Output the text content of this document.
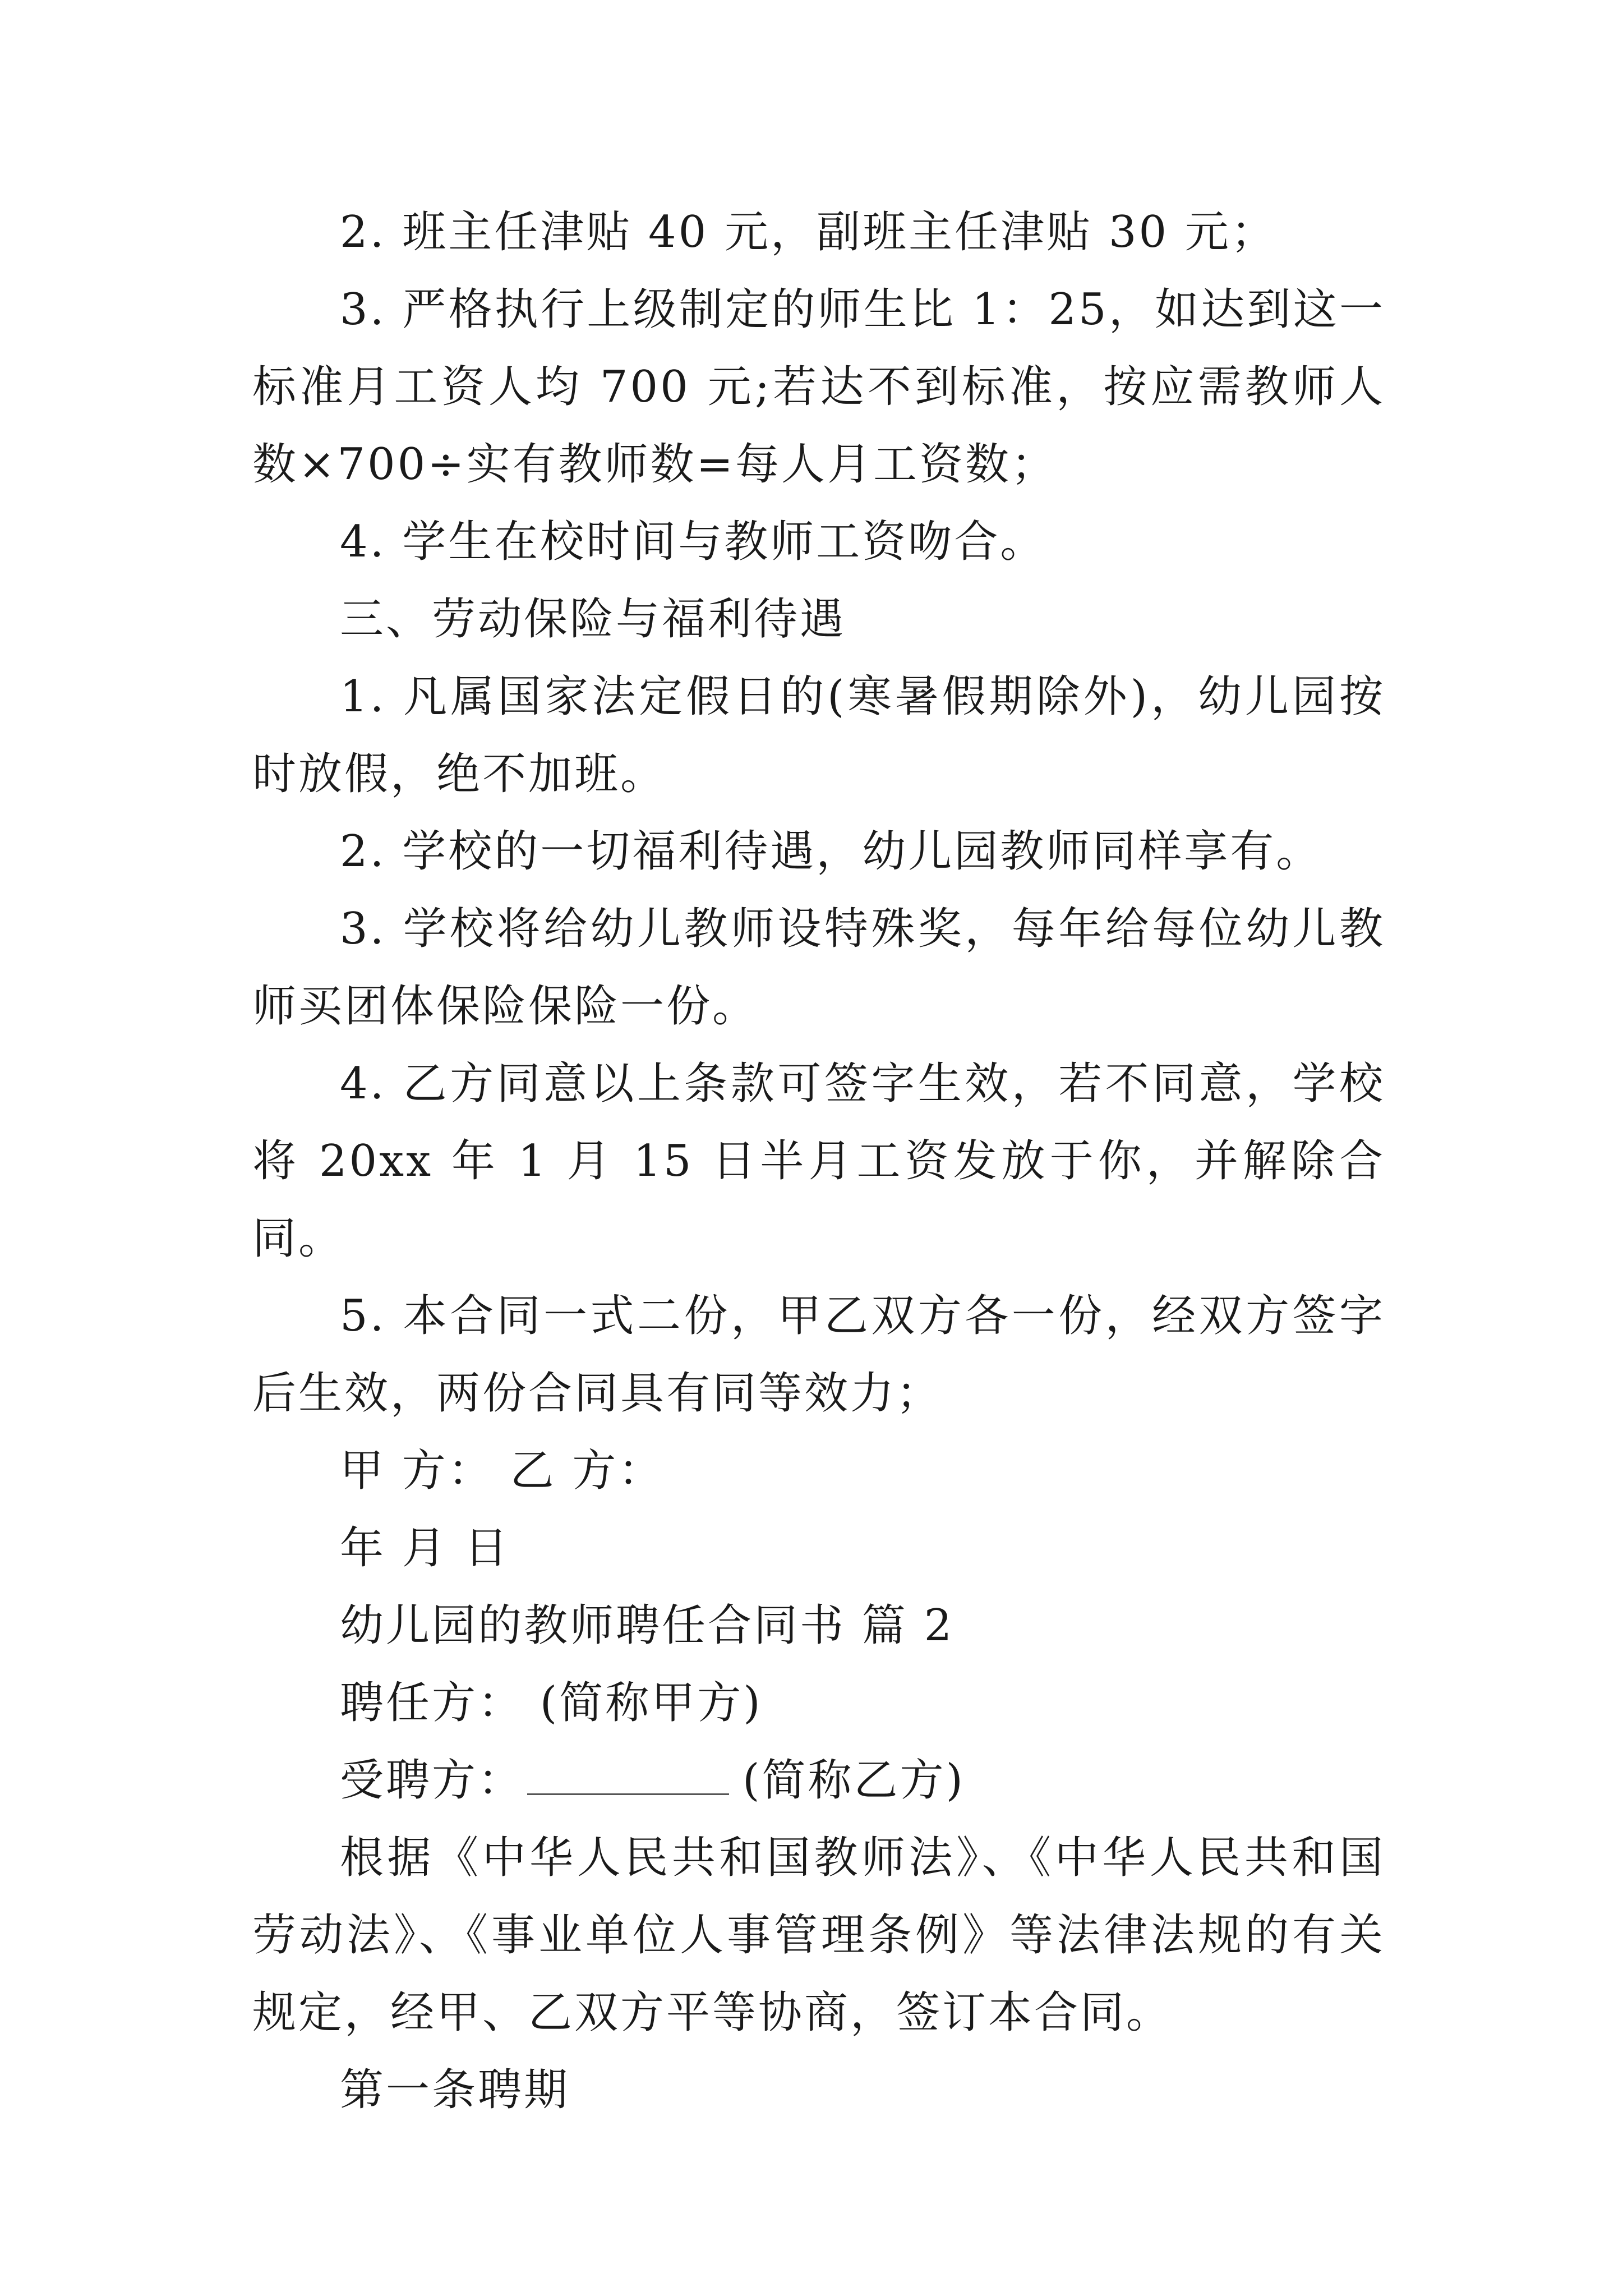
2. 班主任津贴 40 元，副班主任津贴 30 元；

3. 严格执行上级制定的师生比 1：25，如达到这一标准月工资人均 700 元;若达不到标准，按应需教师人数×700÷实有教师数=每人月工资数；

4. 学生在校时间与教师工资吻合。

三、劳动保险与福利待遇

1. 凡属国家法定假日的(寒暑假期除外)，幼儿园按时放假，绝不加班。

2. 学校的一切福利待遇，幼儿园教师同样享有。

3. 学校将给幼儿教师设特殊奖，每年给每位幼儿教师买团体保险保险一份。

4. 乙方同意以上条款可签字生效，若不同意，学校将 20xx 年 1 月 15 日半月工资发放于你，并解除合同。

5. 本合同一式二份，甲乙双方各一份，经双方签字后生效，两份合同具有同等效力；

甲 方： 乙 方：

年 月 日

幼儿园的教师聘任合同书 篇 2

聘任方： (简称甲方)

受聘方：	(简称乙方)

根据《中华人民共和国教师法》、《中华人民共和国劳动法》、《事业单位人事管理条例》等法律法规的有关规定，经甲、乙双方平等协商，签订本合同。

第一条聘期
